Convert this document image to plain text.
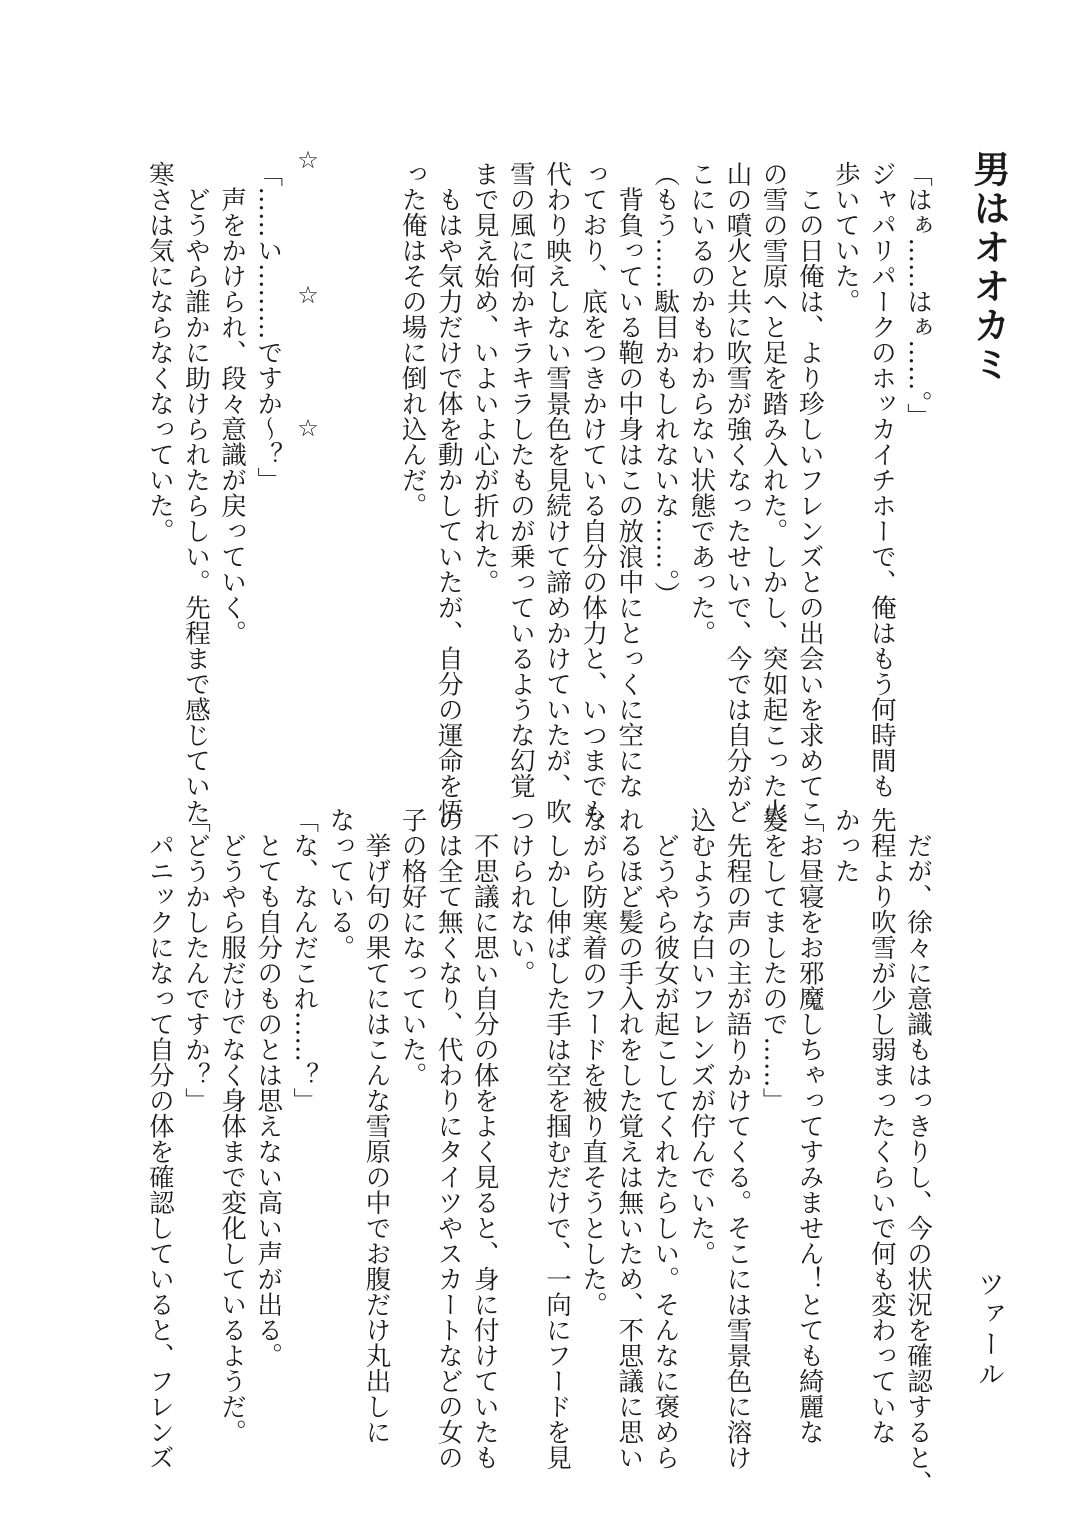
男はオオカミ
ツァール
「はぁ……はぁ……。」
ジャパリパークのホッカイチホーで、俺はもう何時間も
歩いていた。
　この日俺は、より珍しいフレンズとの出会いを求めてこ
の雪の雪原へと足を踏み入れた。しかし、突如起こった火
山の噴火と共に吹雪が強くなったせいで、今では自分がど
こにいるのかもわからない状態であった。
（もう……駄目かもしれないな……。）
　背負っている鞄の中身はこの放浪中にとっくに空にな
っており、底をつきかけている自分の体力と、いつまでも
代わり映えしない雪景色を見続けて諦めかけていたが、吹
雪の風に何かキラキラしたものが乗っているような幻覚
まで見え始め、いよいよ心が折れた。
　もはや気力だけで体を動かしていたが、自分の運命を悟
った俺はその場に倒れ込んだ。
「……い………ですか～？」
　声をかけられ、段々意識が戻っていく。
　どうやら誰かに助けられたらしい。先程まで感じていた
寒さは気にならなくなっていた。
☆
☆
☆
　だが、徐々に意識もはっきりし、今の状況を確認すると、
先程より吹雪が少し弱まったくらいで何も変わっていな
かった
「お昼寝をお邪魔しちゃってすみません！とても綺麗な
髪をしてましたので……」
　先程の声の主が語りかけてくる。そこには雪景色に溶け
込むような白いフレンズが佇んでいた。
　どうやら彼女が起こしてくれたらしい。そんなに褒めら
れるほど髪の手入れをした覚えは無いため、不思議に思い
ながら防寒着のフードを被り直そうとした。
　しかし伸ばした手は空を掴むだけで、一向にフードを見
つけられない。
　不思議に思い自分の体をよく見ると、身に付けていたも
のは全て無くなり、代わりにタイツやスカートなどの女の
子の格好になっていた。
　挙げ句の果てにはこんな雪原の中でお腹だけ丸出しに
なっている。
「な、なんだこれ……？」
　とても自分のものとは思えない高い声が出る。
　どうやら服だけでなく身体まで変化しているようだ。
「どうかしたんですか？」
　パニックになって自分の体を確認していると、フレンズ
